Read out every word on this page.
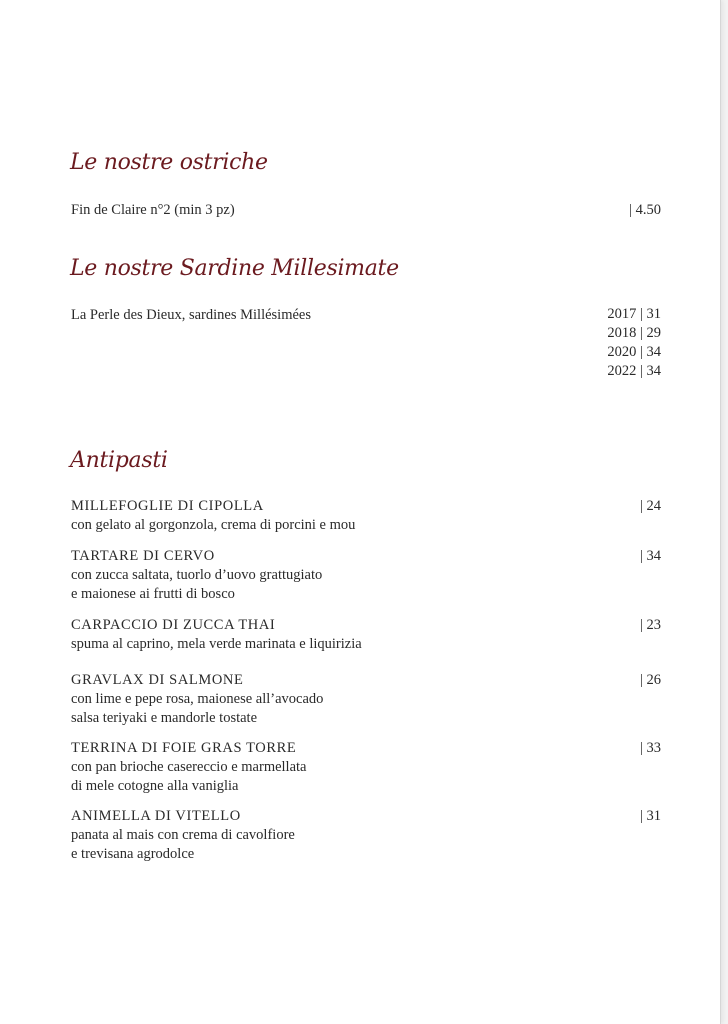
Le nostre ostriche
Fin de Claire n°2 (min 3 pz)	| 4.50
Le nostre Sardine Millesimate
La Perle des Dieux, sardines Millésimées	2017 | 31
2018 | 29
2020 | 34
2022 | 34
Antipasti
MILLEFOGLIE DI CIPOLLA
con gelato al gorgonzola, crema di porcini e mou
| 24
TARTARE DI CERVO
con zucca saltata, tuorlo d’uovo grattugiato
e maionese ai frutti di bosco
| 34
CARPACCIO DI ZUCCA THAI
spuma al caprino, mela verde marinata e liquirizia
| 23
GRAVLAX DI SALMONE
con lime e pepe rosa, maionese all’avocado
salsa teriyaki e mandorle tostate
| 26
TERRINA DI FOIE GRAS TORRE
con pan brioche casereccio e marmellata
di mele cotogne alla vaniglia
| 33
ANIMELLA DI VITELLO
panata al mais con crema di cavolfiore
e trevisana agrodolce
| 31
